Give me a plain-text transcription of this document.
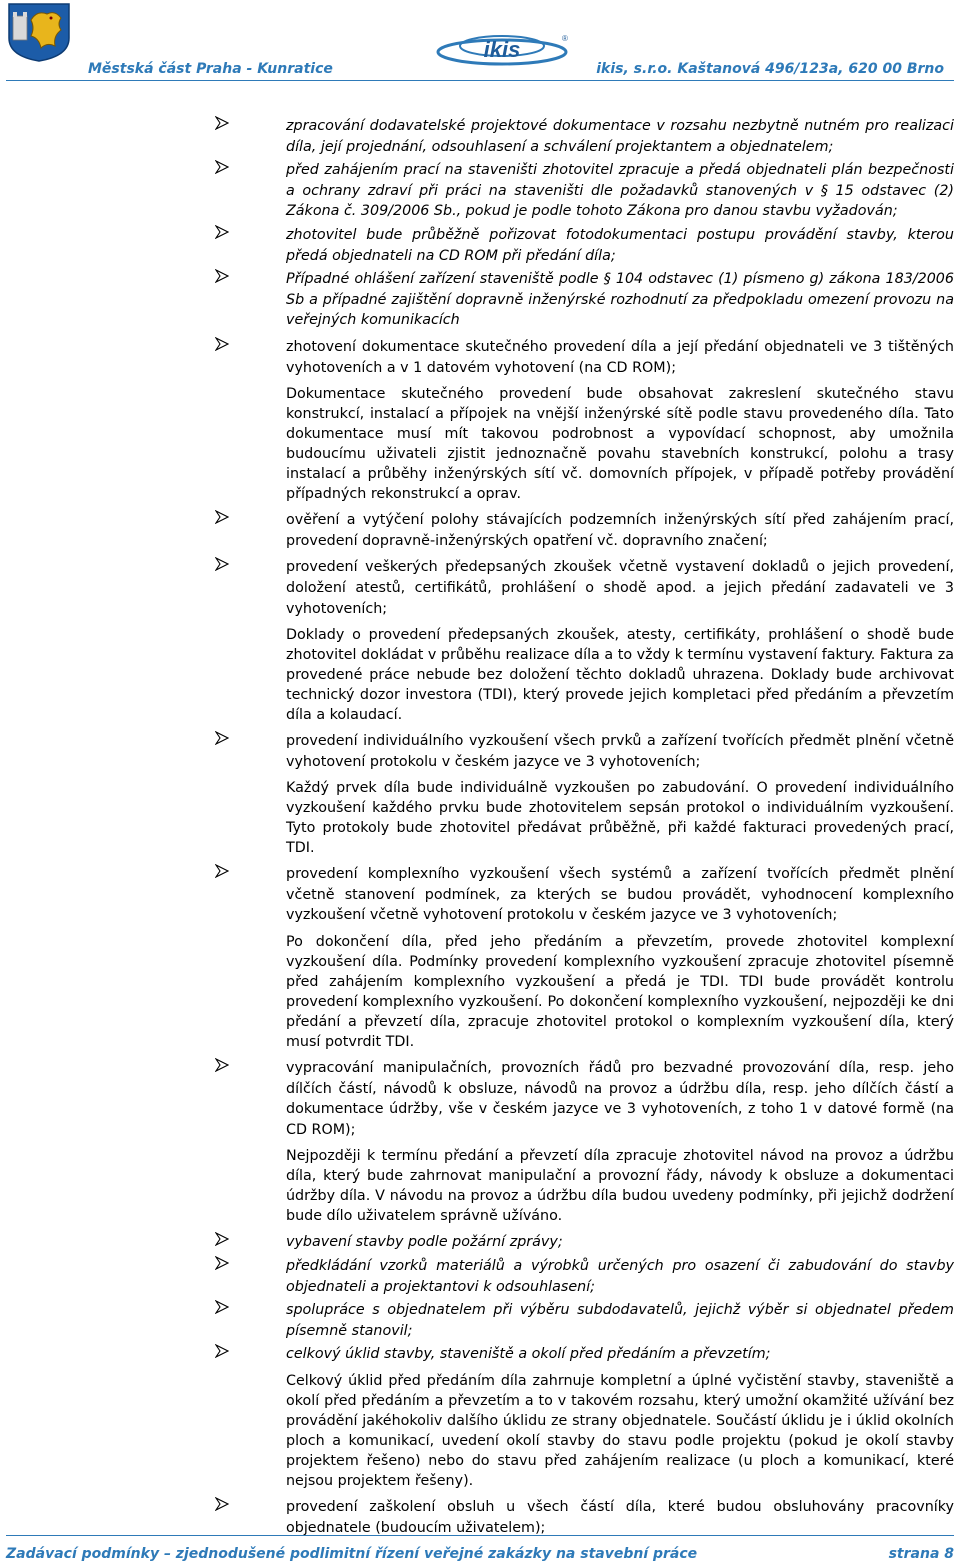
ikis	®
Městská část Praha - Kunratice	ikis, s.r.o. Kaštanová 496/123a, 620 00 Brno
zpracování dodavatelské projektové dokumentace v rozsahu nezbytně nutném pro realizaci díla, její projednání, odsouhlasení a schválení projektantem a objednatelem;
před zahájením prací na staveništi zhotovitel zpracuje a předá objednateli plán bezpečnosti a ochrany zdraví při práci na staveništi dle požadavků stanovených v § 15 odstavec (2) Zákona č. 309/2006 Sb., pokud je podle tohoto Zákona pro danou stavbu vyžadován;
zhotovitel bude průběžně pořizovat fotodokumentaci postupu provádění stavby, kterou předá objednateli na CD ROM při předání díla;
Případné ohlášení zařízení staveniště podle § 104 odstavec (1) písmeno g) zákona 183/2006 Sb a případné zajištění dopravně inženýrské rozhodnutí za předpokladu omezení provozu na veřejných komunikacích
zhotovení dokumentace skutečného provedení díla a její předání objednateli ve 3 tištěných vyhotoveních a v 1 datovém vyhotovení (na CD ROM);
Dokumentace skutečného provedení bude obsahovat zakreslení skutečného stavu konstrukcí, instalací a přípojek na vnější inženýrské sítě podle stavu provedeného díla. Tato dokumentace musí mít takovou podrobnost a vypovídací schopnost, aby umožnila budoucímu uživateli zjistit jednoznačně povahu stavebních konstrukcí, polohu a trasy instalací a průběhy inženýrských sítí vč. domovních přípojek, v případě potřeby provádění případných rekonstrukcí a oprav.
ověření a vytýčení polohy stávajících podzemních inženýrských sítí před zahájením prací, provedení dopravně-inženýrských opatření vč. dopravního značení;
provedení veškerých předepsaných zkoušek včetně vystavení dokladů o jejich provedení, doložení atestů, certifikátů, prohlášení o shodě apod. a jejich předání zadavateli ve 3 vyhotoveních;
Doklady o provedení předepsaných zkoušek, atesty, certifikáty, prohlášení o shodě bude zhotovitel dokládat v průběhu realizace díla a to vždy k termínu vystavení faktury. Faktura za provedené práce nebude bez doložení těchto dokladů uhrazena. Doklady bude archivovat technický dozor investora (TDI), který provede jejich kompletaci před předáním a převzetím díla a kolaudací.
provedení individuálního vyzkoušení všech prvků a zařízení tvořících předmět plnění včetně vyhotovení protokolu v českém jazyce ve 3 vyhotoveních;
Každý prvek díla bude individuálně vyzkoušen po zabudování. O provedení individuálního vyzkoušení každého prvku bude zhotovitelem sepsán protokol o individuálním vyzkoušení. Tyto protokoly bude zhotovitel předávat průběžně, při každé fakturaci provedených prací, TDI.
provedení komplexního vyzkoušení všech systémů a zařízení tvořících předmět plnění včetně stanovení podmínek, za kterých se budou provádět, vyhodnocení komplexního vyzkoušení včetně vyhotovení protokolu v českém jazyce ve 3 vyhotoveních;
Po dokončení díla, před jeho předáním a převzetím, provede zhotovitel komplexní vyzkoušení díla. Podmínky provedení komplexního vyzkoušení zpracuje zhotovitel písemně před zahájením komplexního vyzkoušení a předá je TDI. TDI bude provádět kontrolu provedení komplexního vyzkoušení. Po dokončení komplexního vyzkoušení, nejpozději ke dni předání a převzetí díla, zpracuje zhotovitel protokol o komplexním vyzkoušení díla, který musí potvrdit TDI.
vypracování manipulačních, provozních řádů pro bezvadné provozování díla, resp. jeho dílčích částí, návodů k obsluze, návodů na provoz a údržbu díla, resp. jeho dílčích částí a dokumentace údržby, vše v českém jazyce ve 3 vyhotoveních, z toho 1 v datové formě (na CD ROM);
Nejpozději k termínu předání a převzetí díla zpracuje zhotovitel návod na provoz a údržbu díla, který bude zahrnovat manipulační a provozní řády, návody k obsluze a dokumentaci údržby díla. V návodu na provoz a údržbu díla budou uvedeny podmínky, při jejichž dodržení bude dílo uživatelem správně užíváno.
vybavení stavby podle požární zprávy;
předkládání vzorků materiálů a výrobků určených pro osazení či zabudování do stavby objednateli a projektantovi k odsouhlasení;
spolupráce s objednatelem při výběru subdodavatelů, jejichž výběr si objednatel předem písemně stanovil;
celkový úklid stavby, staveniště a okolí před předáním a převzetím;
Celkový úklid před předáním díla zahrnuje kompletní a úplné vyčistění stavby, staveniště a okolí před předáním a převzetím a to v takovém rozsahu, který umožní okamžité užívání bez provádění jakéhokoliv dalšího úklidu ze strany objednatele. Součástí úklidu je i úklid okolních ploch a komunikací, uvedení okolí stavby do stavu podle projektu (pokud je okolí stavby projektem řešeno) nebo do stavu před zahájením realizace (u ploch a komunikací, které nejsou projektem řešeny).
provedení zaškolení obsluh u všech částí díla, které budou obsluhovány pracovníky objednatele (budoucím uživatelem);
Zadávací podmínky – zjednodušené podlimitní řízení veřejné zakázky na stavební práce	strana 8
